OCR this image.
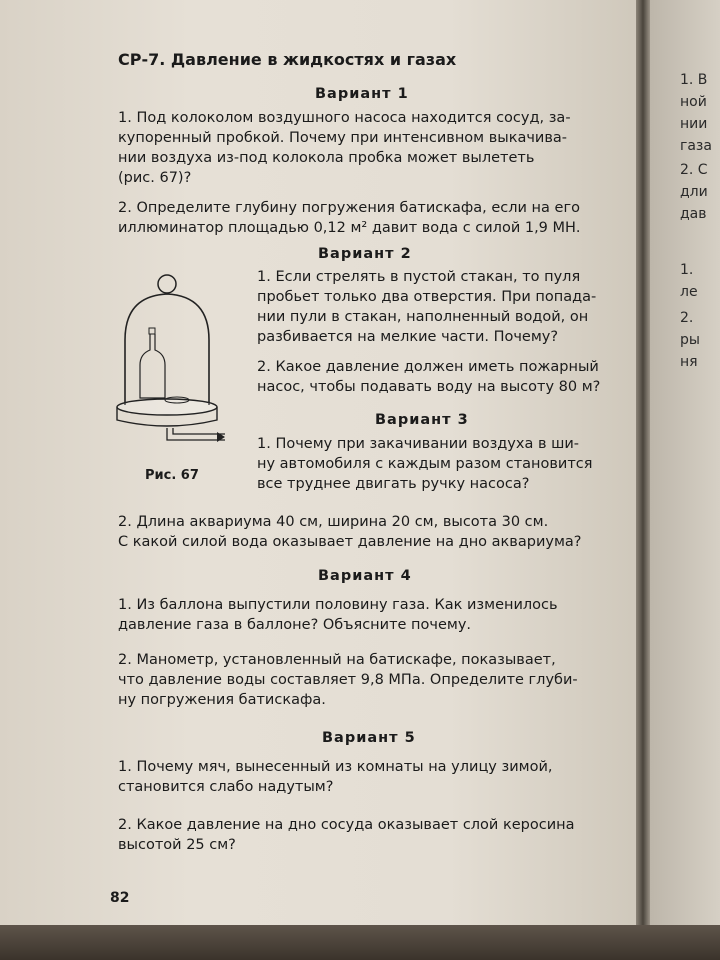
СР-7. Давление в жидкостях и газах
Вариант 1
1. Под колоколом воздушного насоса находится сосуд, за-
купоренный пробкой. Почему при интенсивном выкачива-
нии воздуха из-под колокола пробка может вылететь
(рис. 67)?
2. Определите глубину погружения батискафа, если на его
иллюминатор площадью 0,12 м² давит вода с силой 1,9 МН.
Вариант 2
1. Если стрелять в пустой стакан, то пуля
пробьет только два отверстия. При попада-
нии пули в стакан, наполненный водой, он
разбивается на мелкие части. Почему?
2. Какое давление должен иметь пожарный
насос, чтобы подавать воду на высоту 80 м?
Вариант 3
1. Почему при закачивании воздуха в ши-
ну автомобиля с каждым разом становится
все труднее двигать ручку насоса?
2. Длина аквариума 40 см, ширина 20 см, высота 30 см.
С какой силой вода оказывает давление на дно аквариума?
Вариант 4
1. Из баллона выпустили половину газа. Как изменилось
давление газа в баллоне? Объясните почему.
2. Манометр, установленный на батискафе, показывает,
что давление воды составляет 9,8 МПа. Определите глуби-
ну погружения батискафа.
Вариант 5
1. Почему мяч, вынесенный из комнаты на улицу зимой,
становится слабо надутым?
2. Какое давление на дно сосуда оказывает слой керосина
высотой 25 см?
Рис. 67
82
1. В
ной
нии
газа
2. С
дли
дав
1.
ле
2.
ры
ня
